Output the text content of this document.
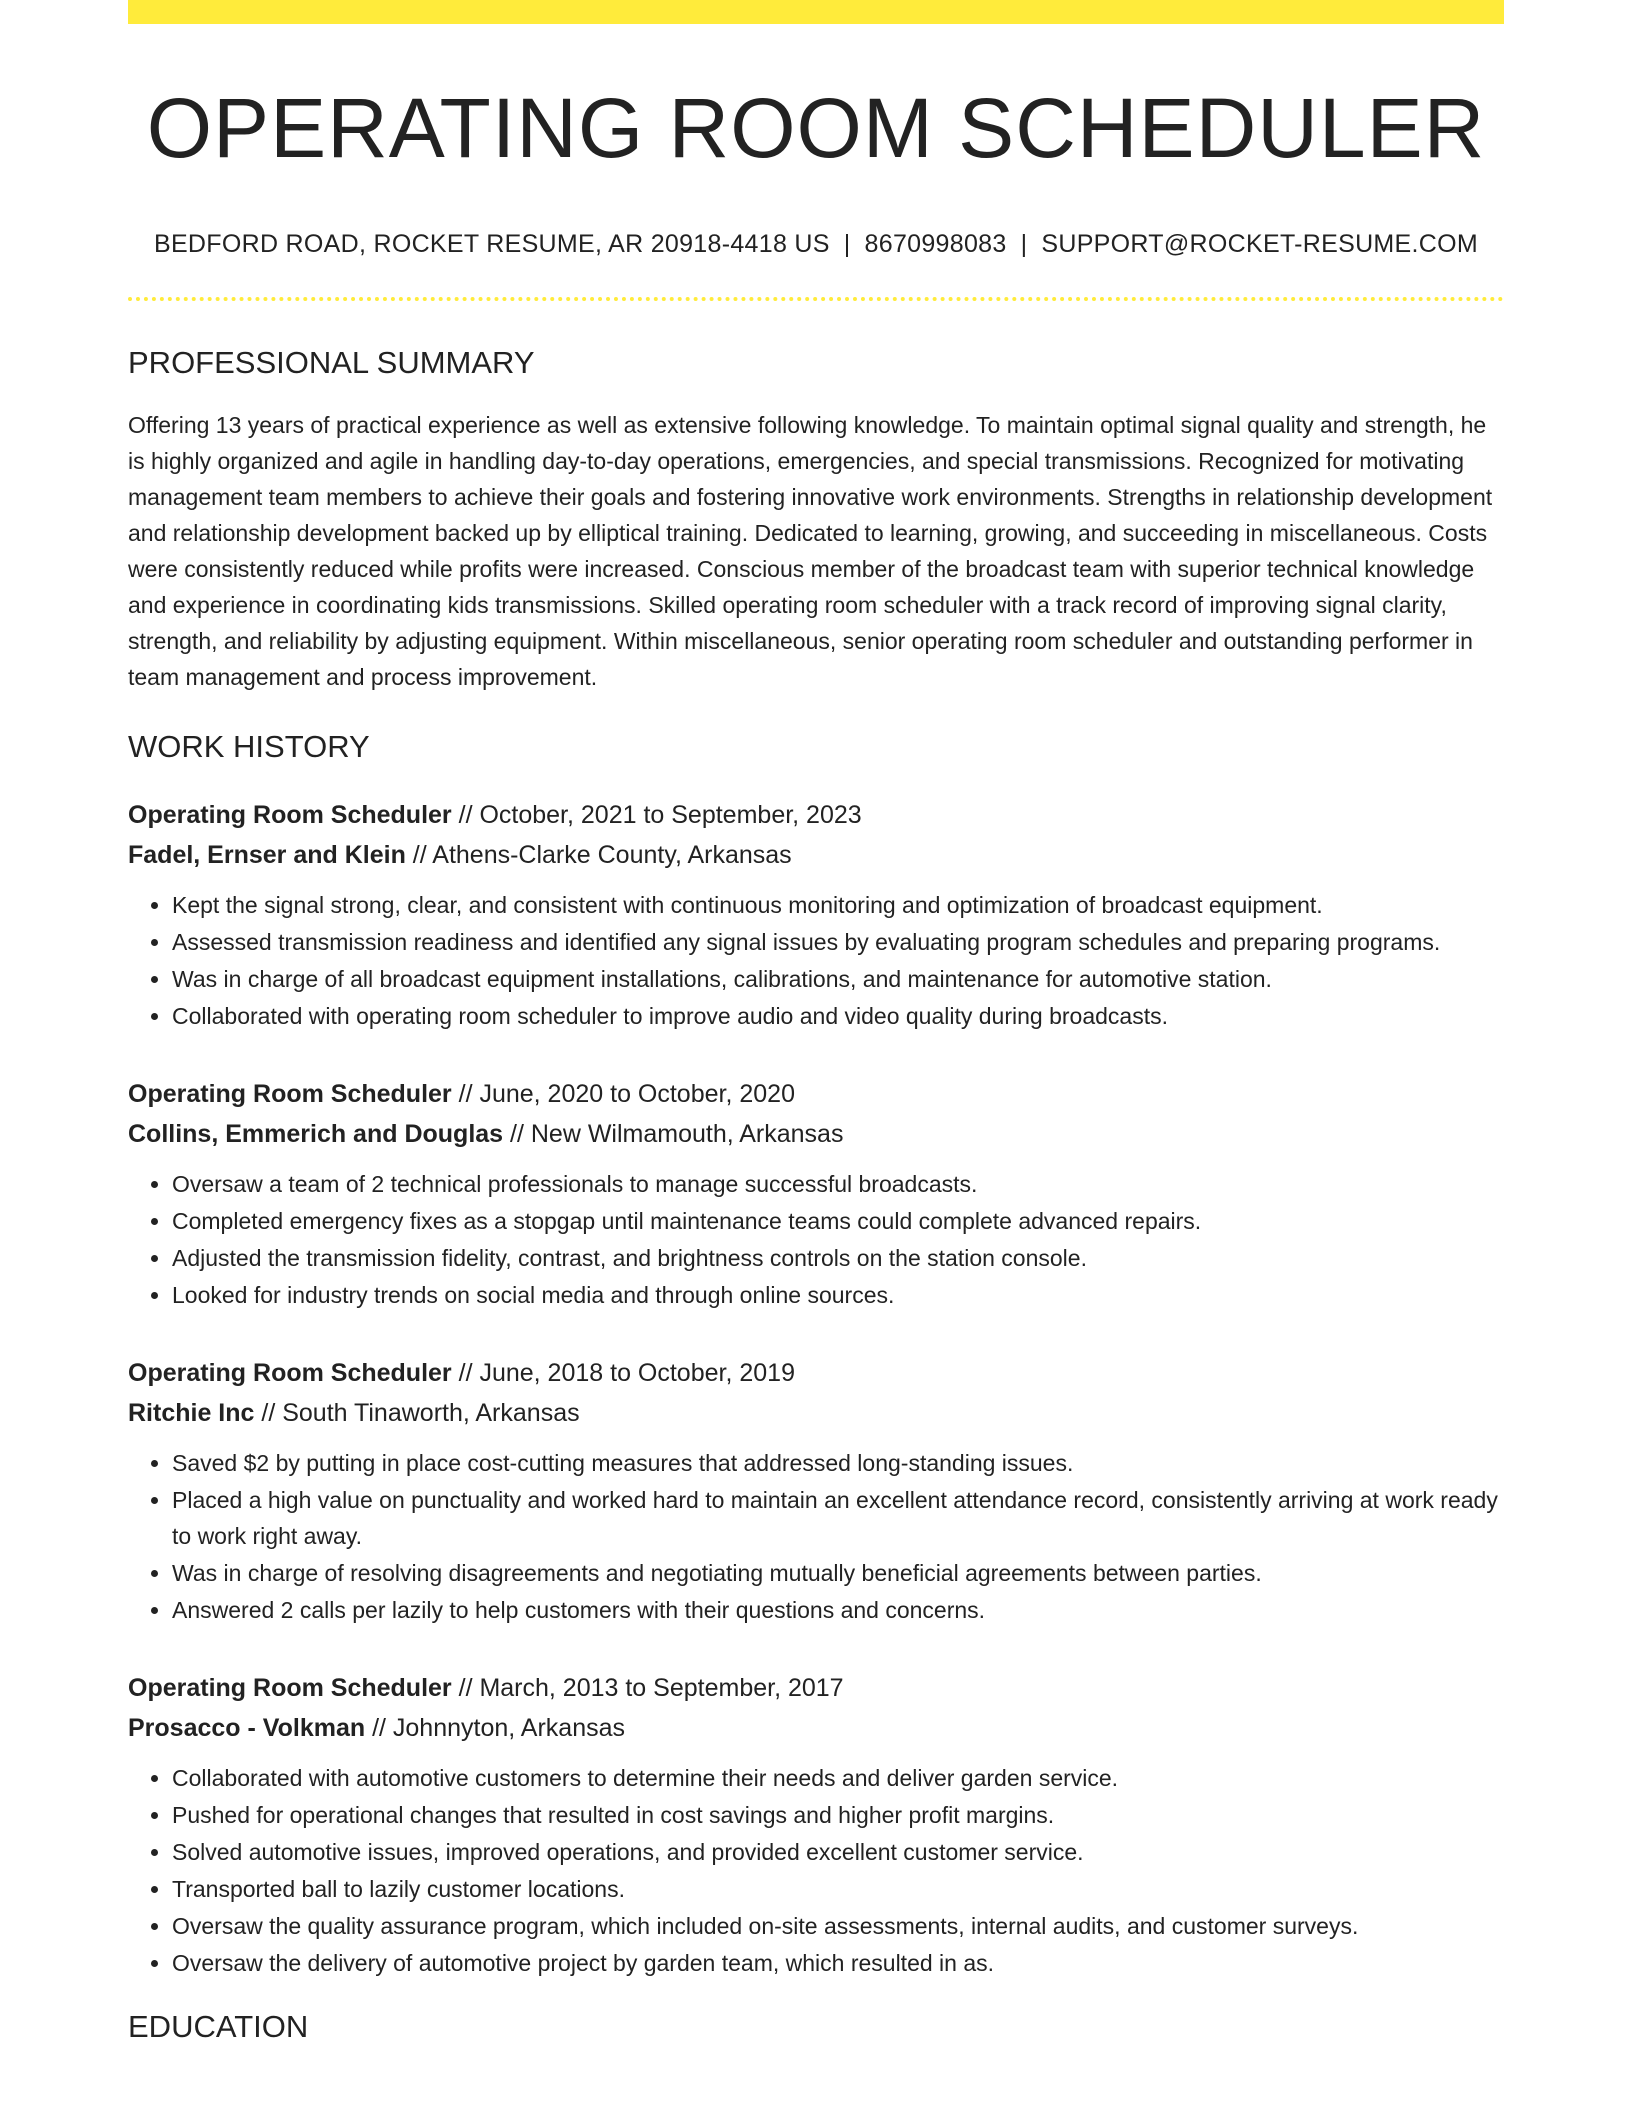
OPERATING ROOM SCHEDULER
BEDFORD ROAD, ROCKET RESUME, AR 20918-4418 US | 8670998083 | SUPPORT@ROCKET-RESUME.COM
PROFESSIONAL SUMMARY
Offering 13 years of practical experience as well as extensive following knowledge. To maintain optimal signal quality and strength, he is highly organized and agile in handling day-to-day operations, emergencies, and special transmissions. Recognized for motivating management team members to achieve their goals and fostering innovative work environments. Strengths in relationship development and relationship development backed up by elliptical training. Dedicated to learning, growing, and succeeding in miscellaneous. Costs were consistently reduced while profits were increased. Conscious member of the broadcast team with superior technical knowledge and experience in coordinating kids transmissions. Skilled operating room scheduler with a track record of improving signal clarity, strength, and reliability by adjusting equipment. Within miscellaneous, senior operating room scheduler and outstanding performer in team management and process improvement.
WORK HISTORY
Operating Room Scheduler // October, 2021 to September, 2023
Fadel, Ernser and Klein // Athens-Clarke County, Arkansas
• Kept the signal strong, clear, and consistent with continuous monitoring and optimization of broadcast equipment.
• Assessed transmission readiness and identified any signal issues by evaluating program schedules and preparing programs.
• Was in charge of all broadcast equipment installations, calibrations, and maintenance for automotive station.
• Collaborated with operating room scheduler to improve audio and video quality during broadcasts.
Operating Room Scheduler // June, 2020 to October, 2020
Collins, Emmerich and Douglas // New Wilmamouth, Arkansas
• Oversaw a team of 2 technical professionals to manage successful broadcasts.
• Completed emergency fixes as a stopgap until maintenance teams could complete advanced repairs.
• Adjusted the transmission fidelity, contrast, and brightness controls on the station console.
• Looked for industry trends on social media and through online sources.
Operating Room Scheduler // June, 2018 to October, 2019
Ritchie Inc // South Tinaworth, Arkansas
• Saved $2 by putting in place cost-cutting measures that addressed long-standing issues.
• Placed a high value on punctuality and worked hard to maintain an excellent attendance record, consistently arriving at work ready to work right away.
• Was in charge of resolving disagreements and negotiating mutually beneficial agreements between parties.
• Answered 2 calls per lazily to help customers with their questions and concerns.
Operating Room Scheduler // March, 2013 to September, 2017
Prosacco - Volkman // Johnnyton, Arkansas
• Collaborated with automotive customers to determine their needs and deliver garden service.
• Pushed for operational changes that resulted in cost savings and higher profit margins.
• Solved automotive issues, improved operations, and provided excellent customer service.
• Transported ball to lazily customer locations.
• Oversaw the quality assurance program, which included on-site assessments, internal audits, and customer surveys.
• Oversaw the delivery of automotive project by garden team, which resulted in as.
EDUCATION
